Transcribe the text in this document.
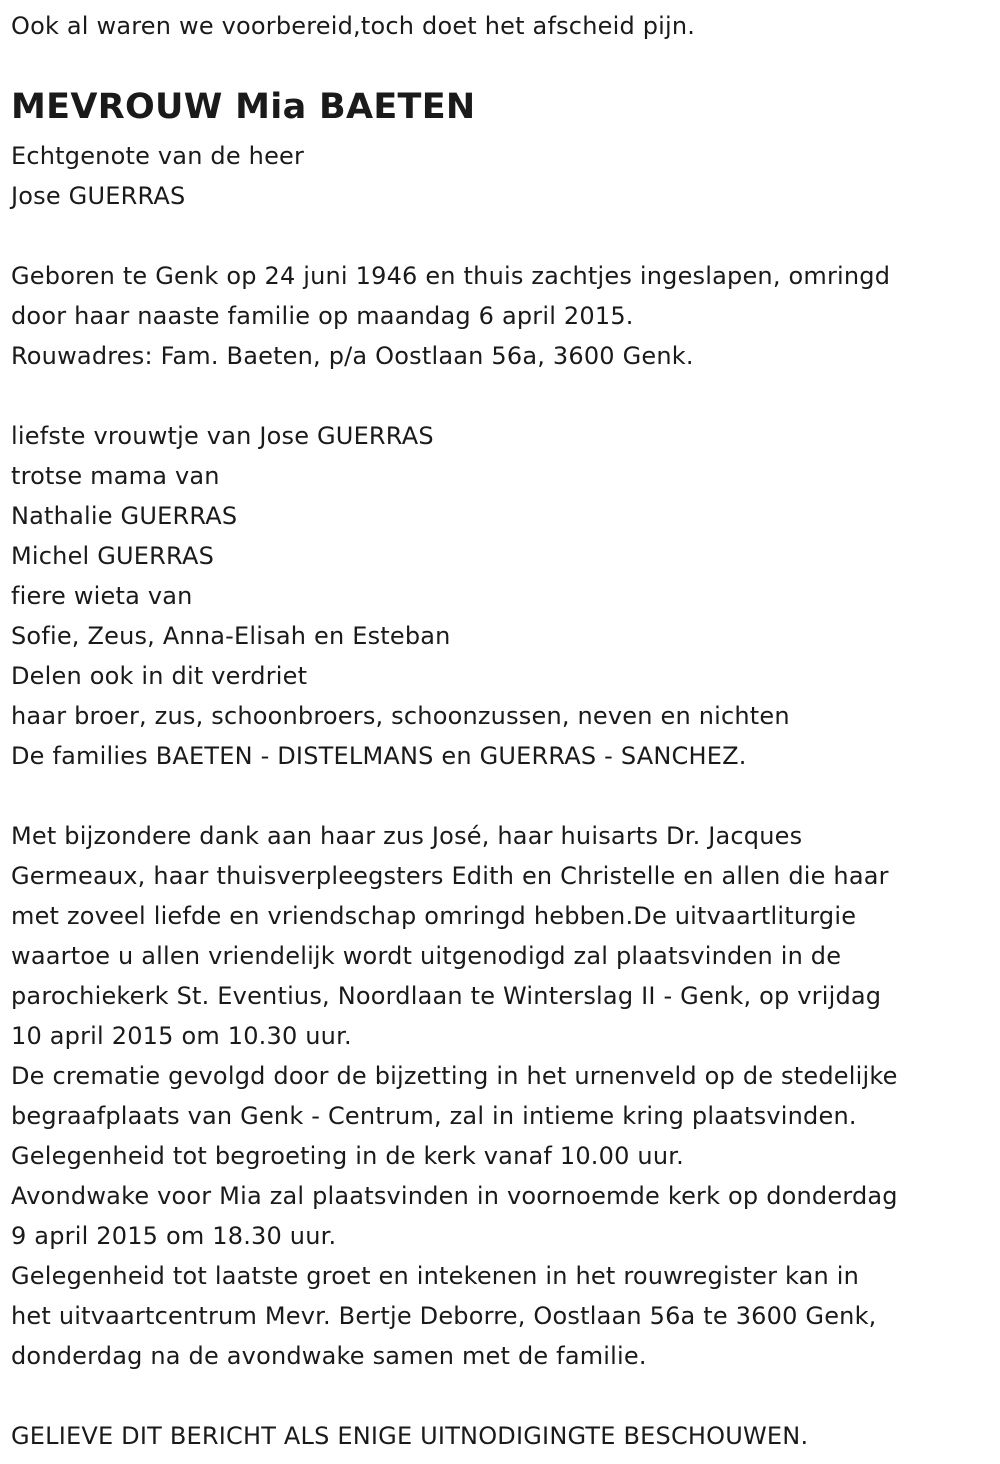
Ook al waren we voorbereid,toch doet het afscheid pijn.
MEVROUW Mia BAETEN
Echtgenote van de heer
Jose GUERRAS
Geboren te Genk op 24 juni 1946 en thuis zachtjes ingeslapen, omringd
door haar naaste familie op maandag 6 april 2015.
Rouwadres: Fam. Baeten, p/a Oostlaan 56a, 3600 Genk.
liefste vrouwtje van Jose GUERRAS
trotse mama van
Nathalie GUERRAS
Michel GUERRAS
fiere wieta van
Sofie, Zeus, Anna-Elisah en Esteban
Delen ook in dit verdriet
haar broer, zus, schoonbroers, schoonzussen, neven en nichten
De families BAETEN - DISTELMANS en GUERRAS - SANCHEZ.
Met bijzondere dank aan haar zus José, haar huisarts Dr. Jacques
Germeaux, haar thuisverpleegsters Edith en Christelle en allen die haar
met zoveel liefde en vriendschap omringd hebben.De uitvaartliturgie
waartoe u allen vriendelijk wordt uitgenodigd zal plaatsvinden in de
parochiekerk St. Eventius, Noordlaan te Winterslag II - Genk, op vrijdag
10 april 2015 om 10.30 uur.
De crematie gevolgd door de bijzetting in het urnenveld op de stedelijke
begraafplaats van Genk - Centrum, zal in intieme kring plaatsvinden.
Gelegenheid tot begroeting in de kerk vanaf 10.00 uur.
Avondwake voor Mia zal plaatsvinden in voornoemde kerk op donderdag
9 april 2015 om 18.30 uur.
Gelegenheid tot laatste groet en intekenen in het rouwregister kan in
het uitvaartcentrum Mevr. Bertje Deborre, Oostlaan 56a te 3600 Genk,
donderdag na de avondwake samen met de familie.
GELIEVE DIT BERICHT ALS ENIGE UITNODIGINGTE BESCHOUWEN.
